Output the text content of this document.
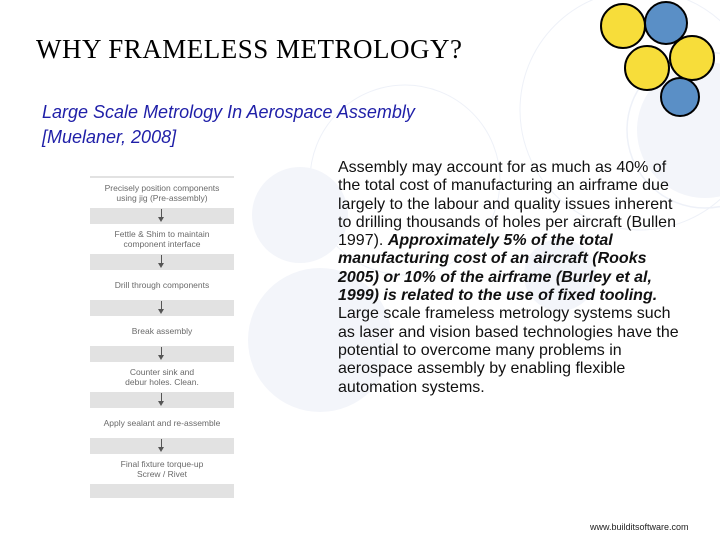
WHY FRAMELESS METROLOGY?
Large Scale Metrology In Aerospace Assembly
[Muelaner, 2008]
Precisely position components
using jig (Pre-assembly)
Fettle & Shim to maintain
component interface
Drill through components
Break assembly
Counter sink and
debur holes. Clean.
Apply sealant and re-assemble
Final fixture torque-up
Screw / Rivet
Assembly may account for as much as 40% of the total cost of manufacturing an airframe due largely to the labour and quality issues inherent to drilling thousands of holes per aircraft (Bullen 1997). Approximately 5% of the total manufacturing cost of an aircraft (Rooks 2005) or 10% of the airframe (Burley et al, 1999) is related to the use of fixed tooling. Large scale frameless metrology systems such as laser and vision based technologies have the potential to overcome many problems in aerospace assembly by enabling flexible automation systems.
www.builditsoftware.com
